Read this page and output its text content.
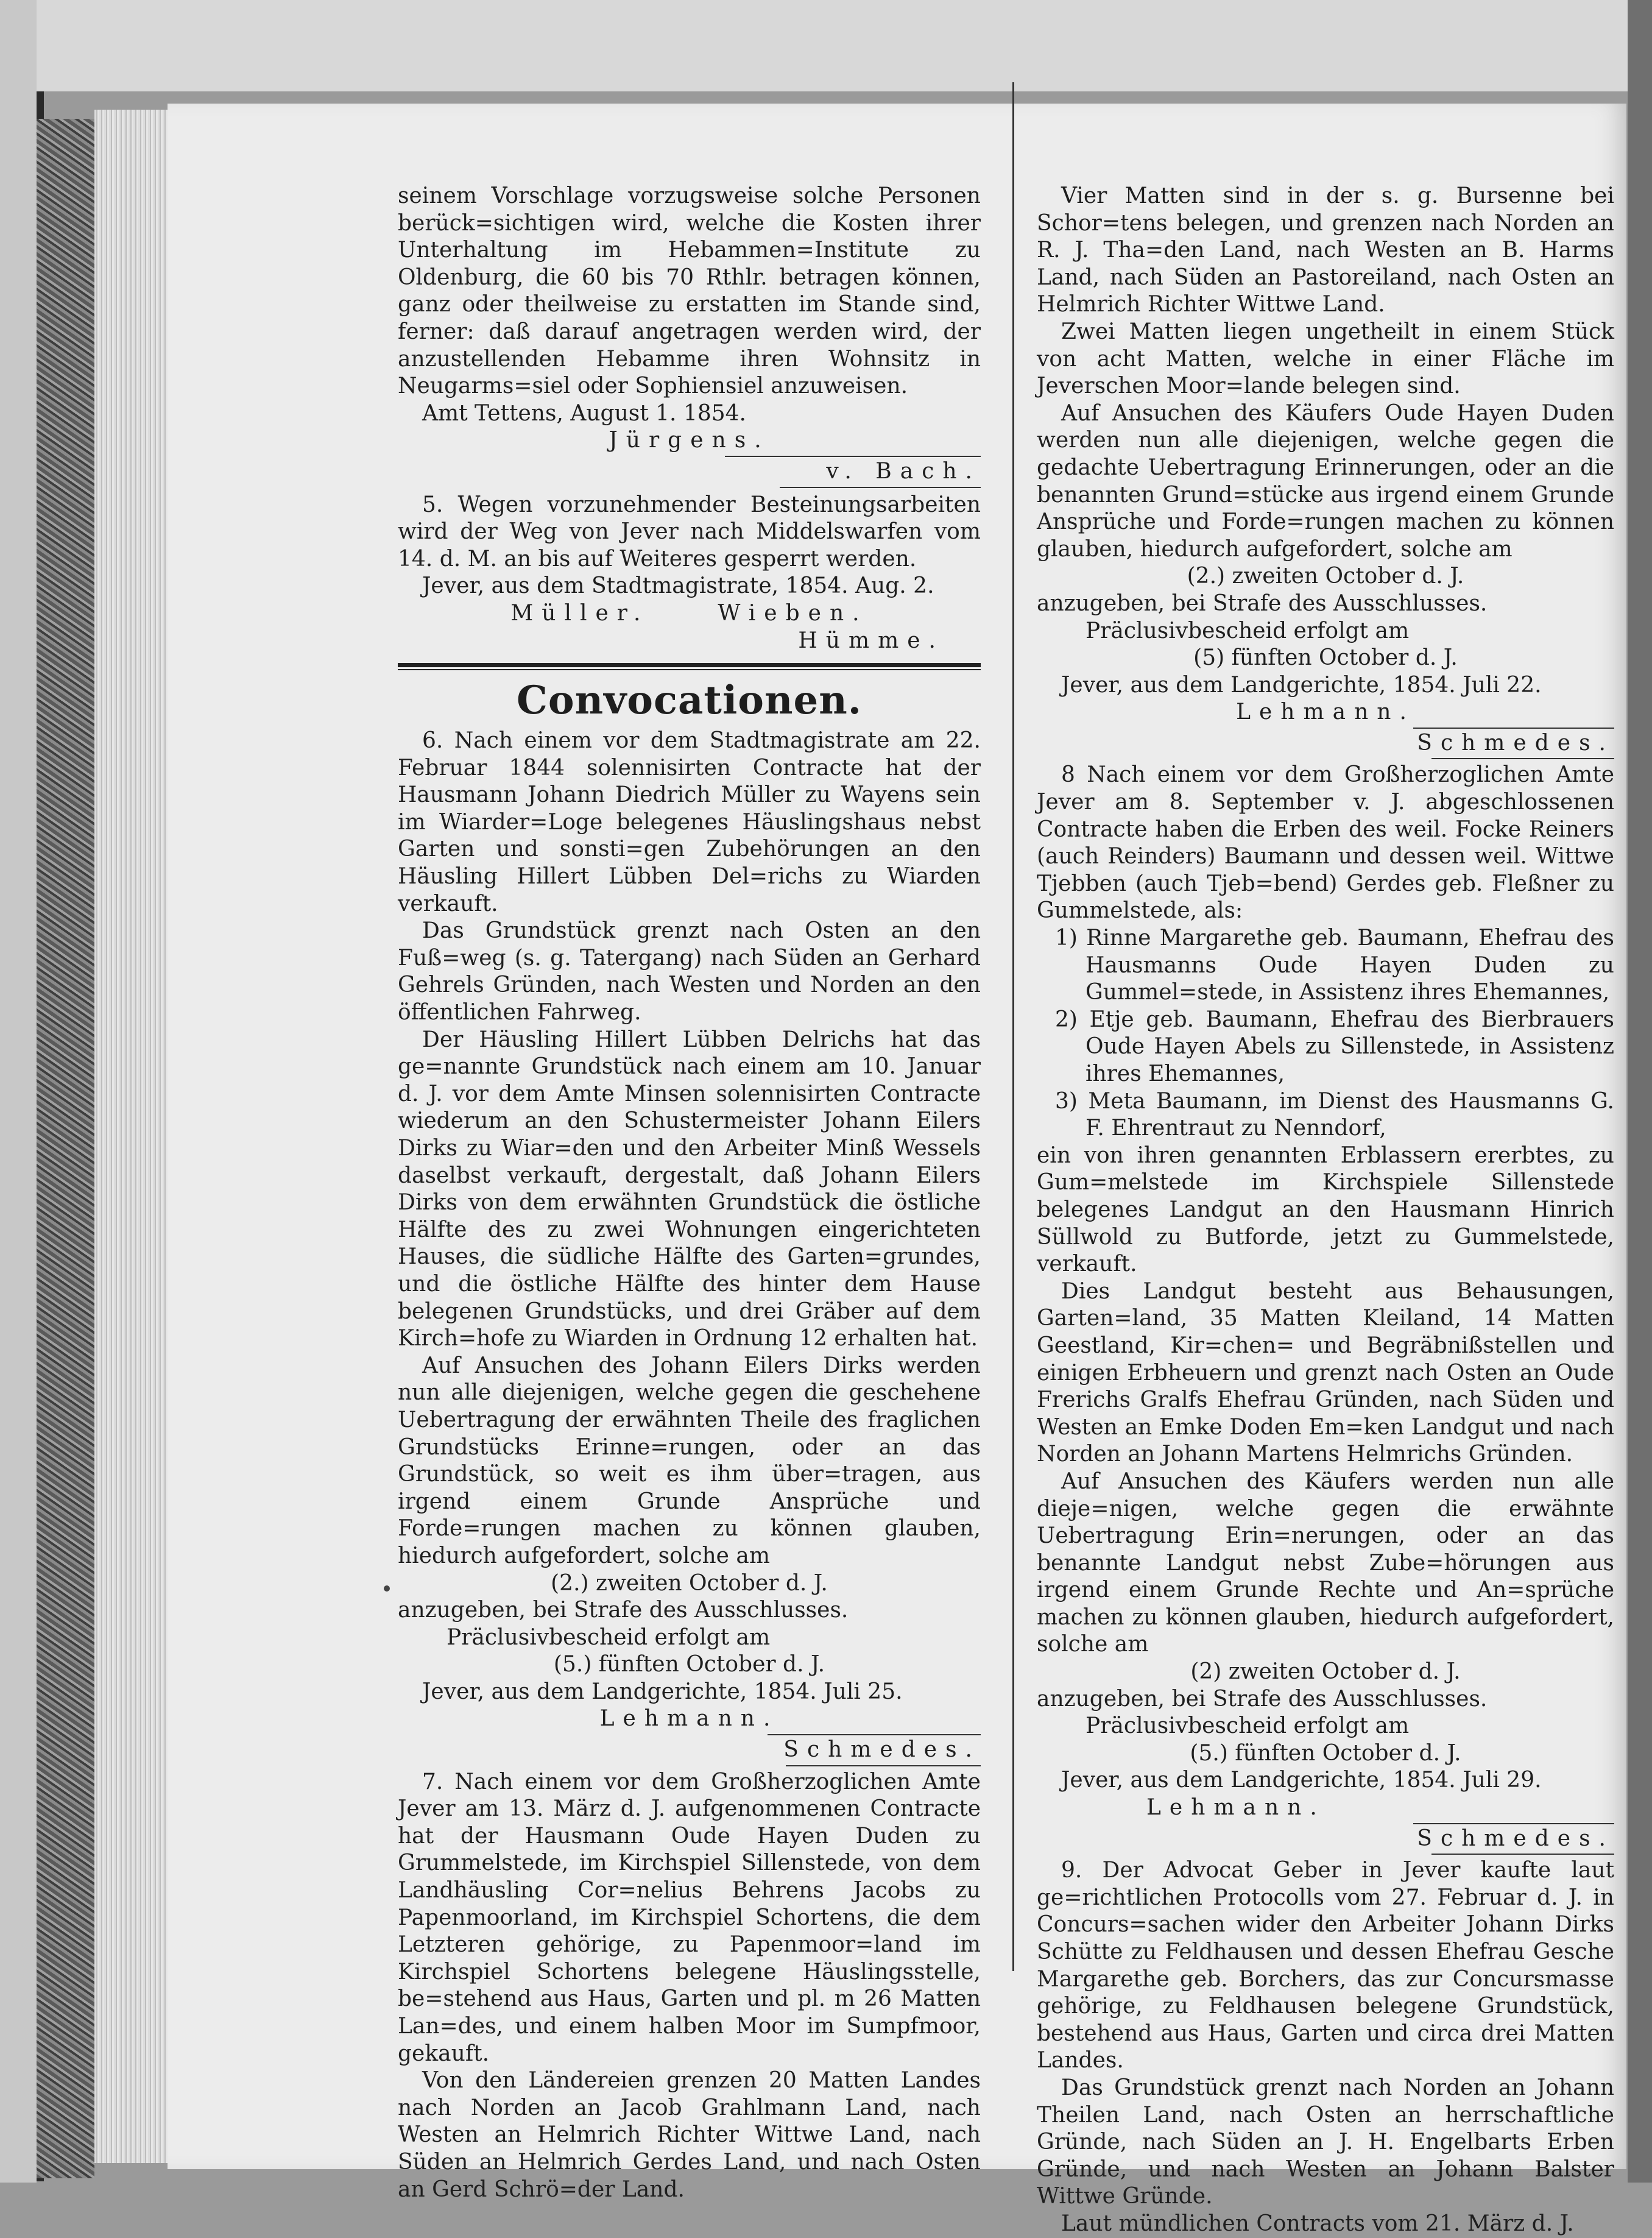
seinem Vorschlage vorzugsweise solche Personen berück=sichtigen wird, welche die Kosten ihrer Unterhaltung im Hebammen=Institute zu Oldenburg, die 60 bis 70 Rthlr. betragen können, ganz oder theilweise zu erstatten im Stande sind, ferner: daß darauf angetragen werden wird, der anzustellenden Hebamme ihren Wohnsitz in Neugarms=siel oder Sophiensiel anzuweisen.

Amt Tettens, August 1. 1854.

Jürgens.

v. Bach.

5. Wegen vorzunehmender Besteinungsarbeiten wird der Weg von Jever nach Middelswarfen vom 14. d. M. an bis auf Weiteres gesperrt werden.

Jever, aus dem Stadtmagistrate, 1854. Aug. 2.

Müller.	Wieben.

Hümme.

Convocationen.

6. Nach einem vor dem Stadtmagistrate am 22. Februar 1844 solennisirten Contracte hat der Hausmann Johann Diedrich Müller zu Wayens sein im Wiarder=Loge belegenes Häuslingshaus nebst Garten und sonsti=gen Zubehörungen an den Häusling Hillert Lübben Del=richs zu Wiarden verkauft.

Das Grundstück grenzt nach Osten an den Fuß=weg (s. g. Tatergang) nach Süden an Gerhard Gehrels Gründen, nach Westen und Norden an den öffentlichen Fahrweg.

Der Häusling Hillert Lübben Delrichs hat das ge=nannte Grundstück nach einem am 10. Januar d. J. vor dem Amte Minsen solennisirten Contracte wiederum an den Schustermeister Johann Eilers Dirks zu Wiar=den und den Arbeiter Minß Wessels daselbst verkauft, dergestalt, daß Johann Eilers Dirks von dem erwähnten Grundstück die östliche Hälfte des zu zwei Wohnungen eingerichteten Hauses, die südliche Hälfte des Garten=grundes, und die östliche Hälfte des hinter dem Hause belegenen Grundstücks, und drei Gräber auf dem Kirch=hofe zu Wiarden in Ordnung 12 erhalten hat.

Auf Ansuchen des Johann Eilers Dirks werden nun alle diejenigen, welche gegen die geschehene Uebertragung der erwähnten Theile des fraglichen Grundstücks Erinne=rungen, oder an das Grundstück, so weit es ihm über=tragen, aus irgend einem Grunde Ansprüche und Forde=rungen machen zu können glauben, hiedurch aufgefordert, solche am

(2.) zweiten October d. J.

anzugeben, bei Strafe des Ausschlusses.

Präclusivbescheid erfolgt am

(5.) fünften October d. J.

Jever, aus dem Landgerichte, 1854. Juli 25.

Lehmann.

Schmedes.

7. Nach einem vor dem Großherzoglichen Amte Jever am 13. März d. J. aufgenommenen Contracte hat der Hausmann Oude Hayen Duden zu Grummelstede, im Kirchspiel Sillenstede, von dem Landhäusling Cor=nelius Behrens Jacobs zu Papenmoorland, im Kirchspiel Schortens, die dem Letzteren gehörige, zu Papenmoor=land im Kirchspiel Schortens belegene Häuslingsstelle, be=stehend aus Haus, Garten und pl. m 26 Matten Lan=des, und einem halben Moor im Sumpfmoor, gekauft.

Von den Ländereien grenzen 20 Matten Landes nach Norden an Jacob Grahlmann Land, nach Westen an Helmrich Richter Wittwe Land, nach Süden an Helmrich Gerdes Land, und nach Osten an Gerd Schrö=der Land.

Vier Matten sind in der s. g. Bursenne bei Schor=tens belegen, und grenzen nach Norden an R. J. Tha=den Land, nach Westen an B. Harms Land, nach Süden an Pastoreiland, nach Osten an Helmrich Richter Wittwe Land.

Zwei Matten liegen ungetheilt in einem Stück von acht Matten, welche in einer Fläche im Jeverschen Moor=lande belegen sind.

Auf Ansuchen des Käufers Oude Hayen Duden werden nun alle diejenigen, welche gegen die gedachte Uebertragung Erinnerungen, oder an die benannten Grund=stücke aus irgend einem Grunde Ansprüche und Forde=rungen machen zu können glauben, hiedurch aufgefordert, solche am

(2.) zweiten October d. J.

anzugeben, bei Strafe des Ausschlusses.

Präclusivbescheid erfolgt am

(5) fünften October d. J.

Jever, aus dem Landgerichte, 1854. Juli 22.

Lehmann.

Schmedes.

8 Nach einem vor dem Großherzoglichen Amte Jever am 8. September v. J. abgeschlossenen Contracte haben die Erben des weil. Focke Reiners (auch Reinders) Baumann und dessen weil. Wittwe Tjebben (auch Tjeb=bend) Gerdes geb. Fleßner zu Gummelstede, als:

1) Rinne Margarethe geb. Baumann, Ehefrau des Hausmanns Oude Hayen Duden zu Gummel=stede, in Assistenz ihres Ehemannes,

2) Etje geb. Baumann, Ehefrau des Bierbrauers Oude Hayen Abels zu Sillenstede, in Assistenz ihres Ehemannes,

3) Meta Baumann, im Dienst des Hausmanns G. F. Ehrentraut zu Nenndorf,

ein von ihren genannten Erblassern ererbtes, zu Gum=melstede im Kirchspiele Sillenstede belegenes Landgut an den Hausmann Hinrich Süllwold zu Butforde, jetzt zu Gummelstede, verkauft.

Dies Landgut besteht aus Behausungen, Garten=land, 35 Matten Kleiland, 14 Matten Geestland, Kir=chen= und Begräbnißstellen und einigen Erbheuern und grenzt nach Osten an Oude Frerichs Gralfs Ehefrau Gründen, nach Süden und Westen an Emke Doden Em=ken Landgut und nach Norden an Johann Martens Helmrichs Gründen.

Auf Ansuchen des Käufers werden nun alle dieje=nigen, welche gegen die erwähnte Uebertragung Erin=nerungen, oder an das benannte Landgut nebst Zube=hörungen aus irgend einem Grunde Rechte und An=sprüche machen zu können glauben, hiedurch aufgefordert, solche am

(2) zweiten October d. J.

anzugeben, bei Strafe des Ausschlusses.

Präclusivbescheid erfolgt am

(5.) fünften October d. J.

Jever, aus dem Landgerichte, 1854. Juli 29.

Lehmann.

Schmedes.

9. Der Advocat Geber in Jever kaufte laut ge=richtlichen Protocolls vom 27. Februar d. J. in Concurs=sachen wider den Arbeiter Johann Dirks Schütte zu Feldhausen und dessen Ehefrau Gesche Margarethe geb. Borchers, das zur Concursmasse gehörige, zu Feldhausen belegene Grundstück, bestehend aus Haus, Garten und circa drei Matten Landes.

Das Grundstück grenzt nach Norden an Johann Theilen Land, nach Osten an herrschaftliche Gründe, nach Süden an J. H. Engelbarts Erben Gründe, und nach Westen an Johann Balster Wittwe Gründe.

Laut mündlichen Contracts vom 21. März d. J.
